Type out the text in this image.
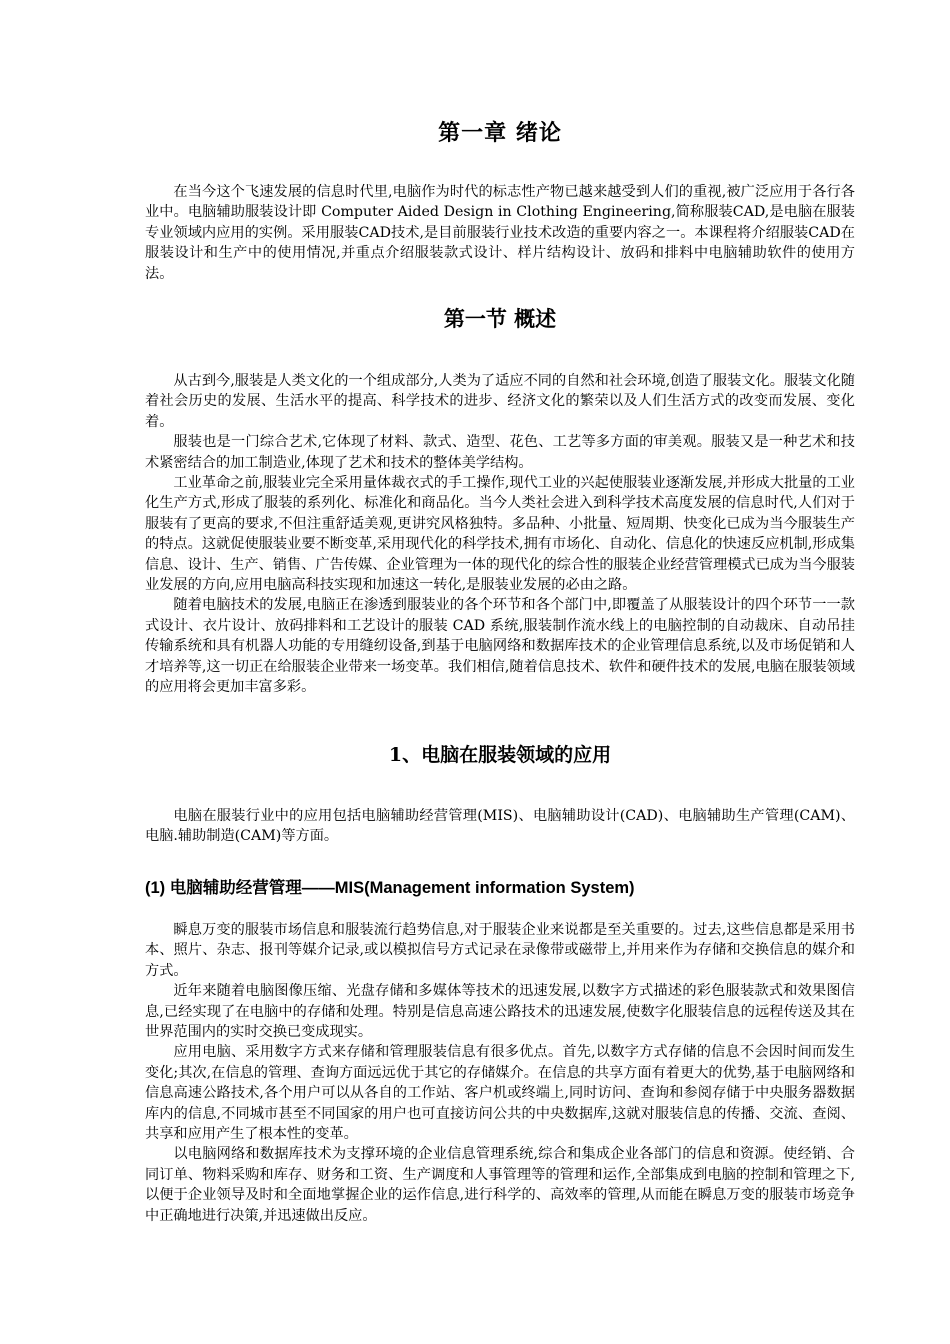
第一章 绪论

在当今这个飞速发展的信息时代里,电脑作为时代的标志性产物已越来越受到人们的重视,被广泛应用于各行各业中。电脑辅助服装设计即 Computer Aided Design in Clothing Engineering,简称服装CAD,是电脑在服装专业领域内应用的实例。采用服装CAD技术,是目前服装行业技术改造的重要内容之一。本课程将介绍服装CAD在服装设计和生产中的使用情况,并重点介绍服装款式设计、样片结构设计、放码和排料中电脑辅助软件的使用方法。

第一节 概述

从古到今,服装是人类文化的一个组成部分,人类为了适应不同的自然和社会环境,创造了服装文化。服装文化随着社会历史的发展、生活水平的提高、科学技术的进步、经济文化的繁荣以及人们生活方式的改变而发展、变化着。

服装也是一门综合艺术,它体现了材料、款式、造型、花色、工艺等多方面的审美观。服装又是一种艺术和技术紧密结合的加工制造业,体现了艺术和技术的整体美学结构。

工业革命之前,服装业完全采用量体裁衣式的手工操作,现代工业的兴起使服装业逐渐发展,并形成大批量的工业化生产方式,形成了服装的系列化、标准化和商品化。当今人类社会进入到科学技术高度发展的信息时代,人们对于服装有了更高的要求,不但注重舒适美观,更讲究风格独特。多品种、小批量、短周期、快变化已成为当今服装生产的特点。这就促使服装业要不断变革,采用现代化的科学技术,拥有市场化、自动化、信息化的快速反应机制,形成集信息、设计、生产、销售、广告传媒、企业管理为一体的现代化的综合性的服装企业经营管理模式已成为当今服装业发展的方向,应用电脑高科技实现和加速这一转化,是服装业发展的必由之路。

随着电脑技术的发展,电脑正在渗透到服装业的各个环节和各个部门中,即覆盖了从服装设计的四个环节一一款式设计、衣片设计、放码排料和工艺设计的服装 CAD 系统,服装制作流水线上的电脑控制的自动裁床、自动吊挂传输系统和具有机器人功能的专用缝纫设备,到基于电脑网络和数据库技术的企业管理信息系统,以及市场促销和人才培养等,这一切正在给服装企业带来一场变革。我们相信,随着信息技术、软件和硬件技术的发展,电脑在服装领域的应用将会更加丰富多彩。

1、电脑在服装领域的应用

电脑在服装行业中的应用包括电脑辅助经营管理(MIS)、电脑辅助设计(CAD)、电脑辅助生产管理(CAM)、电脑.辅助制造(CAM)等方面。

(1) 电脑辅助经营管理——MIS(Management information System)

瞬息万变的服装市场信息和服装流行趋势信息,对于服装企业来说都是至关重要的。过去,这些信息都是采用书本、照片、杂志、报刊等媒介记录,或以模拟信号方式记录在录像带或磁带上,并用来作为存储和交换信息的媒介和方式。

近年来随着电脑图像压缩、光盘存储和多媒体等技术的迅速发展,以数字方式描述的彩色服装款式和效果图信息,已经实现了在电脑中的存储和处理。特别是信息高速公路技术的迅速发展,使数字化服装信息的远程传送及其在世界范围内的实时交换已变成现实。

应用电脑、采用数字方式来存储和管理服装信息有很多优点。首先,以数字方式存储的信息不会因时间而发生变化;其次,在信息的管理、查询方面远远优于其它的存储媒介。在信息的共享方面有着更大的优势,基于电脑网络和信息高速公路技术,各个用户可以从各自的工作站、客户机或终端上,同时访问、查询和参阅存储于中央服务器数据库内的信息,不同城市甚至不同国家的用户也可直接访问公共的中央数据库,这就对服装信息的传播、交流、查阅、共享和应用产生了根本性的变革。

以电脑网络和数据库技术为支撑环境的企业信息管理系统,综合和集成企业各部门的信息和资源。使经销、合同订单、物料采购和库存、财务和工资、生产调度和人事管理等的管理和运作,全部集成到电脑的控制和管理之下,以便于企业领导及时和全面地掌握企业的运作信息,进行科学的、高效率的管理,从而能在瞬息万变的服装市场竞争中正确地进行决策,并迅速做出反应。
